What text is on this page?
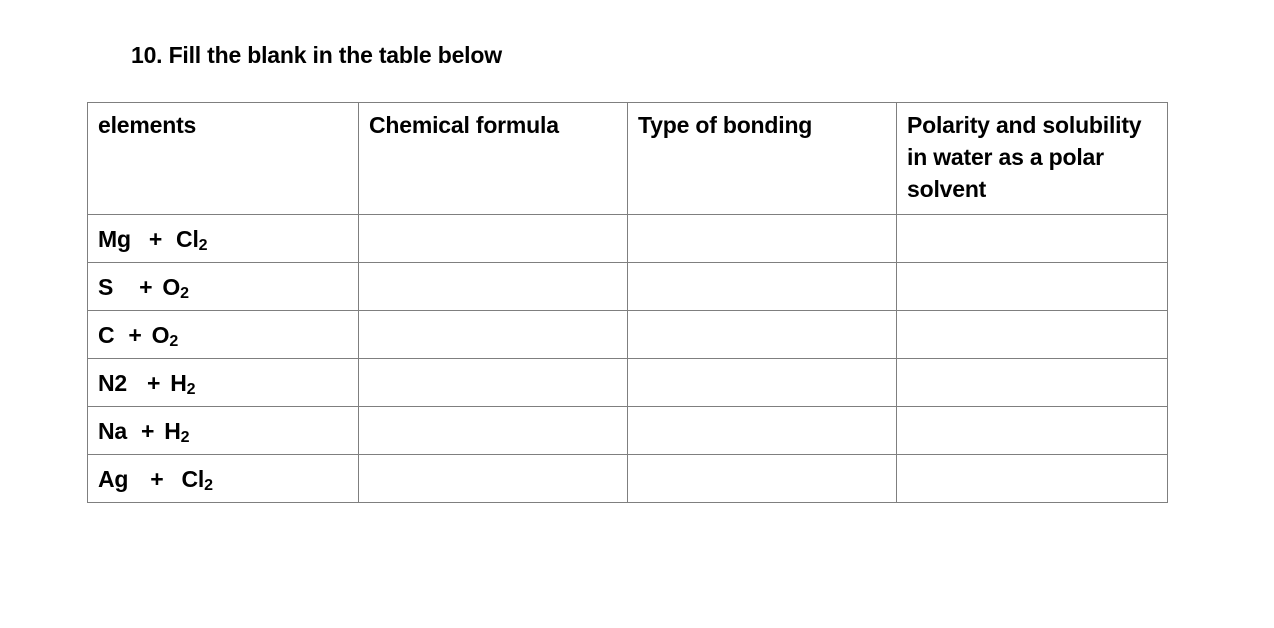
10. Fill the blank in the table below
elements	Chemical formula	Type of bonding	Polarity and solubility in water as a polar solvent
$Mg + Cl_2$			
$S + O_2$			
$C + O_2$			
$N2 + H_2$			
$Na + H_2$			
$Ag + Cl_2$			
